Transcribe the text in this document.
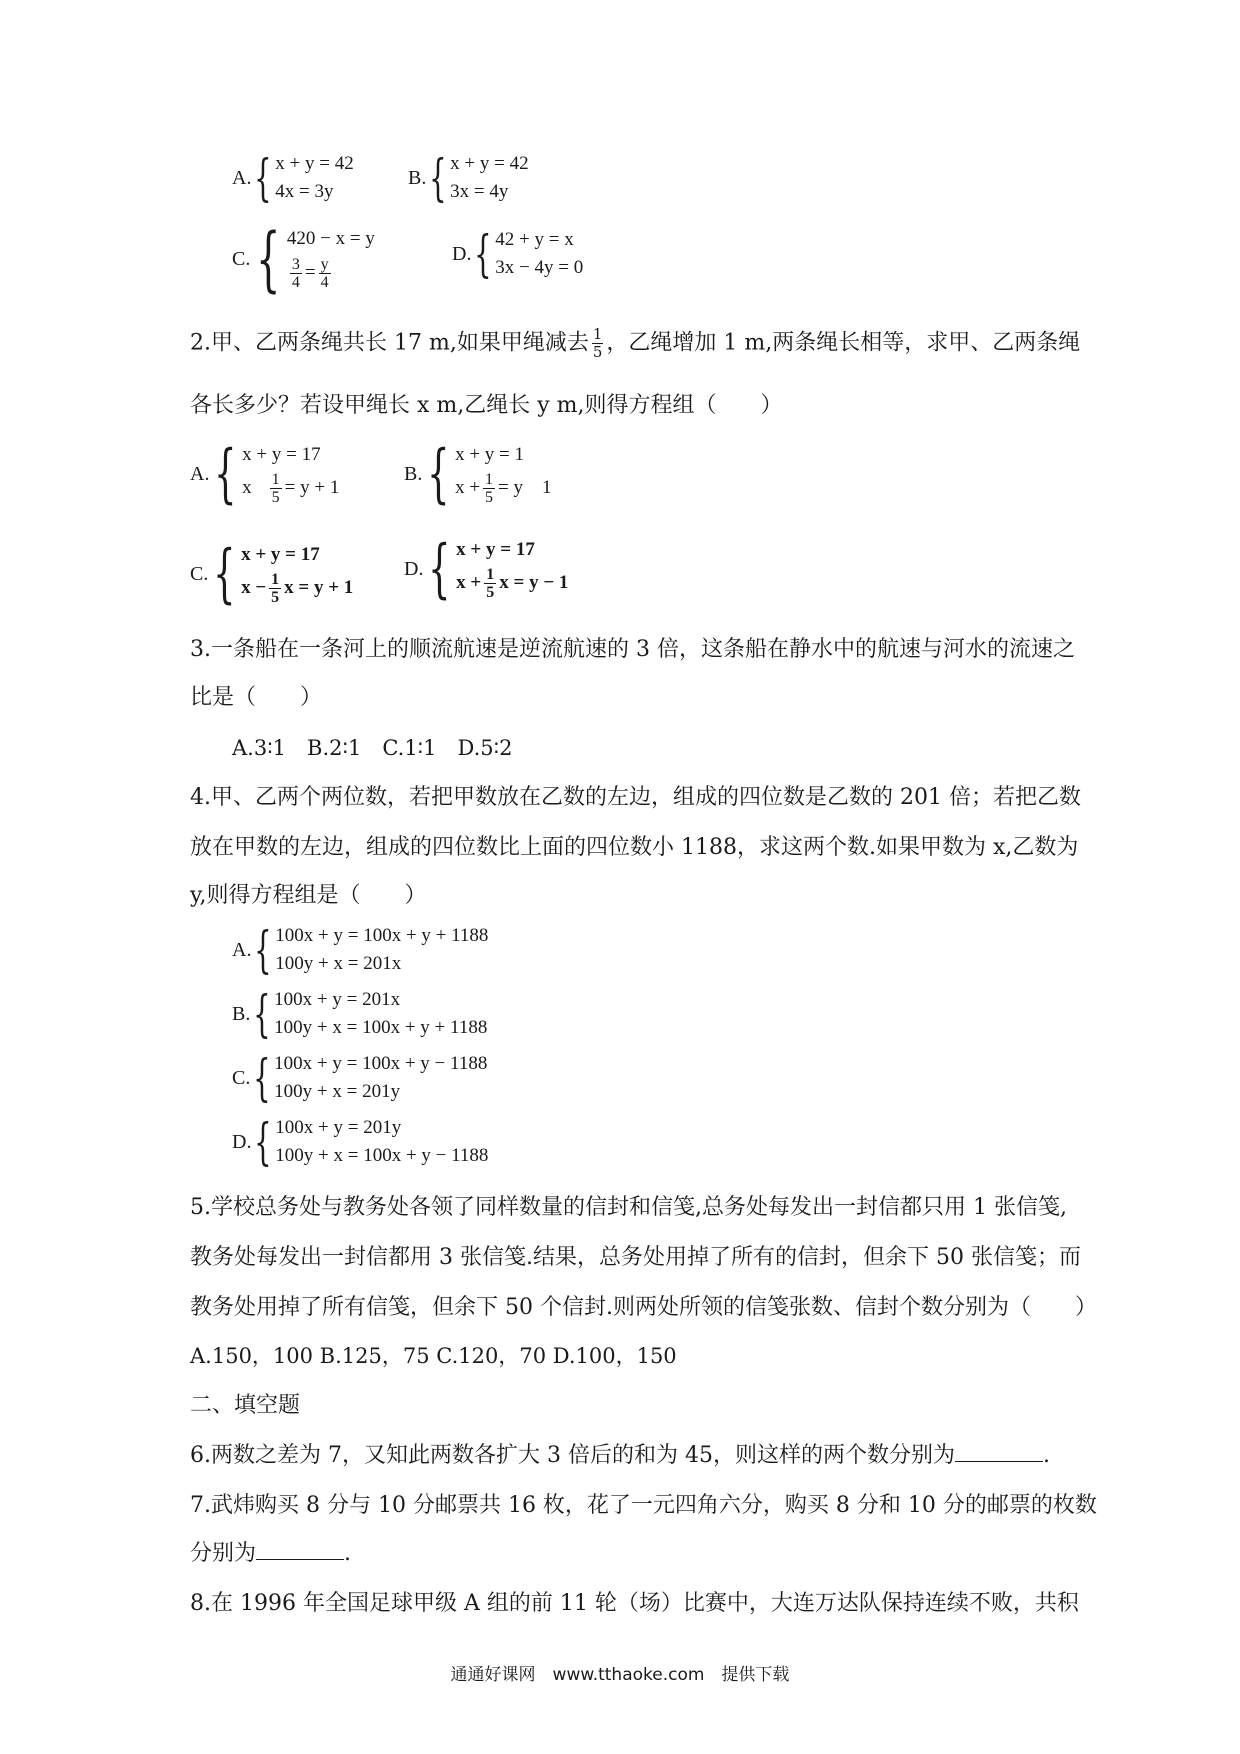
A. { x + y = 42
4x = 3y
B. { x + y = 42
3x = 4y
C. { 420 − x = y
$\frac{3}{4} = \frac{y}{4}$
D. { 42 + y = x
3x − 4y = 0
2.甲、乙两条绳共长 17 m,如果甲绳减去 $\frac{1}{5}$ ，乙绳增加 1 m,两条绳长相等，求甲、乙两条绳
各长多少？若设甲绳长 x m,乙绳长 y m,则得方程组（　　）
A. { x + y = 17
x $\frac{1}{5} = y + 1$
B. { x + y = 1
$x + \frac{1}{5} = y$　1
C. { x + y = 17
$x - \frac{1}{5}$ x = y + 1
D. { x + y = 17
$x + \frac{1}{5}$ x = y − 1
3.一条船在一条河上的顺流航速是逆流航速的 3 倍，这条船在静水中的航速与河水的流速之
比是（　　）
A.3∶1　B.2∶1　C.1∶1　D.5∶2
4.甲、乙两个两位数，若把甲数放在乙数的左边，组成的四位数是乙数的 201 倍；若把乙数
放在甲数的左边，组成的四位数比上面的四位数小 1188，求这两个数.如果甲数为 x,乙数为
y,则得方程组是（　　）
A. { 100x + y = 100x + y + 1188
100y + x = 201x
B. { 100x + y = 201x
100y + x = 100x + y + 1188
C. { 100x + y = 100x + y − 1188
100y + x = 201y
D. { 100x + y = 201y
100y + x = 100x + y − 1188
5.学校总务处与教务处各领了同样数量的信封和信笺,总务处每发出一封信都只用 1 张信笺,
教务处每发出一封信都用 3 张信笺.结果，总务处用掉了所有的信封，但余下 50 张信笺；而
教务处用掉了所有信笺，但余下 50 个信封.则两处所领的信笺张数、信封个数分别为（　　）
A.150，100 B.125，75 C.120，70 D.100，150
二、填空题
6.两数之差为 7，又知此两数各扩大 3 倍后的和为 45，则这样的两个数分别为	.
7.武炜购买 8 分与 10 分邮票共 16 枚，花了一元四角六分，购买 8 分和 10 分的邮票的枚数
分别为	.
8.在 1996 年全国足球甲级 A 组的前 11 轮（场）比赛中，大连万达队保持连续不败，共积
通通好课网　www.tthaoke.com　提供下载
